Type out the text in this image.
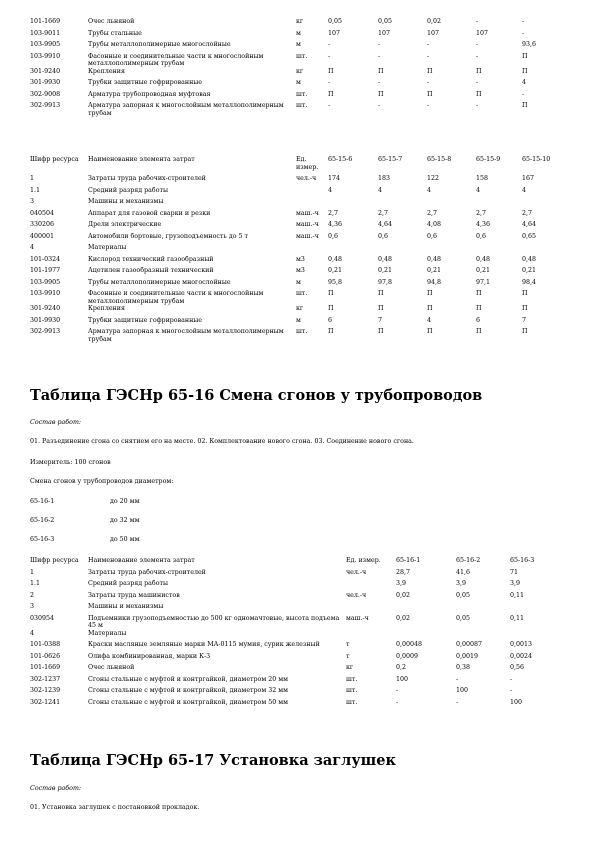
101-1669	Очес льняной	кг	0,05	0,05	0,02	-	-
103-9011	Трубы стальные	м	107	107	107	107	-
103-9905	Трубы металлополимерные многослойные	м	-	-	-	-	93,6
103-9910	Фасонные и соединительные части к многослойным металлополимерным трубам	шт.	-	-	-	-	П
301-9240	Крепления	кг	П	П	П	П	П
301-9930	Трубки защитные гофрированные	м	-	-	-	-	4
302-9008	Арматура трубопроводная муфтовая	шт.	П	П	П	П	-
302-9913	Арматура запорная к многослойным металлополимерным трубам	шт.	-	-	-	-	П
Шифр ресурса	Наименование элемента затрат	Ед. измер.	65-15-6	65-15-7	65-15-8	65-15-9	65-15-10
1	Затраты труда рабочих-строителей	чел.-ч	174	183	122	158	167
1.1	Средний разряд работы		4	4	4	4	4
3	Машины и механизмы						
040504	Аппарат для газовой сварки и резки	маш.-ч	2,7	2,7	2,7	2,7	2,7
330206	Дрели электрические	маш.-ч	4,36	4,64	4,08	4,36	4,64
400001	Автомобили бортовые, грузоподъемность до 5 т	маш.-ч	0,6	0,6	0,6	0,6	0,65
4	Материалы						
101-0324	Кислород технический газообразный	м3	0,48	0,48	0,48	0,48	0,48
101-1977	Ацетилен газообразный технический	м3	0,21	0,21	0,21	0,21	0,21
103-9905	Трубы металлополимерные многослойные	м	95,8	97,8	94,8	97,1	98,4
103-9910	Фасонные и соединительные части к многослойным металлополимерным трубам	шт.	П	П	П	П	П
301-9240	Крепления	кг	П	П	П	П	П
301-9930	Трубки защитные гофрированные	м	6	7	4	6	7
302-9913	Арматура запорная к многослойным металлополимерным трубам	шт.	П	П	П	П	П
Таблица ГЭСНр 65-16 Смена сгонов у трубопроводов
Состав работ:
01. Разъединение сгона со снятием его на месте. 02. Комплектование нового сгона. 03. Соединение нового сгона.
Измеритель: 100 сгонов
Смена сгонов у трубопроводов диаметром:
65-16-1	до 20 мм
65-16-2	до 32 мм
65-16-3	до 50 мм
Шифр ресурса	Наименование элемента затрат	Ед. измер.	65-16-1	65-16-2	65-16-3
1	Затраты труда рабочих-строителей	чел.-ч	28,7	41,6	71
1.1	Средний разряд работы		3,9	3,9	3,9
2	Затраты труда машинистов	чел.-ч	0,02	0,05	0,11
3	Машины и механизмы				
030954	Подъемники грузоподъемностью до 500 кг одномачтовые, высота подъема 45 м	маш.-ч	0,02	0,05	0,11
4	Материалы				
101-0388	Краски масляные земляные марки МА-0115 мумия, сурик железный	т	0,00048	0,00087	0,0013
101-0626	Олифа комбинированная, марки К-3	т	0,0009	0,0019	0,0024
101-1669	Очес льняной	кг	0,2	0,38	0,56
302-1237	Сгоны стальные с муфтой и контргайкой, диаметром 20 мм	шт.	100	-	-
302-1239	Сгоны стальные с муфтой и контргайкой, диаметром 32 мм	шт.	-	100	-
302-1241	Сгоны стальные с муфтой и контргайкой, диаметром 50 мм	шт.	-	-	100
Таблица ГЭСНр 65-17 Установка заглушек
Состав работ:
01. Установка заглушек с постановкой прокладок.
